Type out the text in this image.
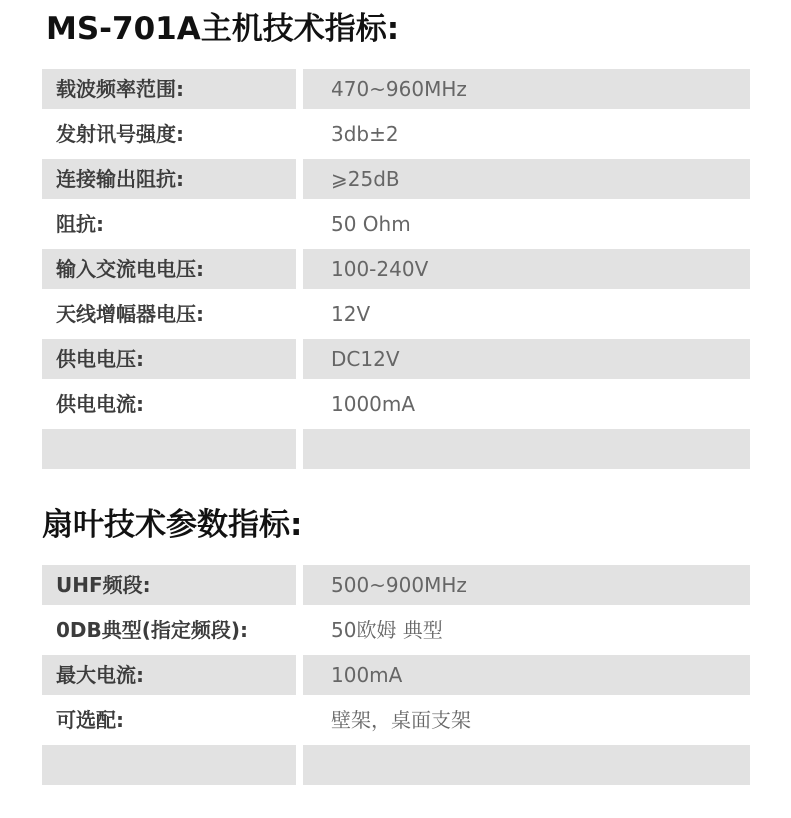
MS-701A主机技术指标:
载波频率范围:	470~960MHz
发射讯号强度:	3db±2
连接输出阻抗:	⩾25dB
阻抗:	50 Ohm
输入交流电电压:	100-240V
天线增幅器电压:	12V
供电电压:	DC12V
供电电流:	1000mA
扇叶技术参数指标:
UHF频段:	500~900MHz
0DB典型(指定频段):	50欧姆 典型
最大电流:	100mA
可选配:	壁架，桌面支架
